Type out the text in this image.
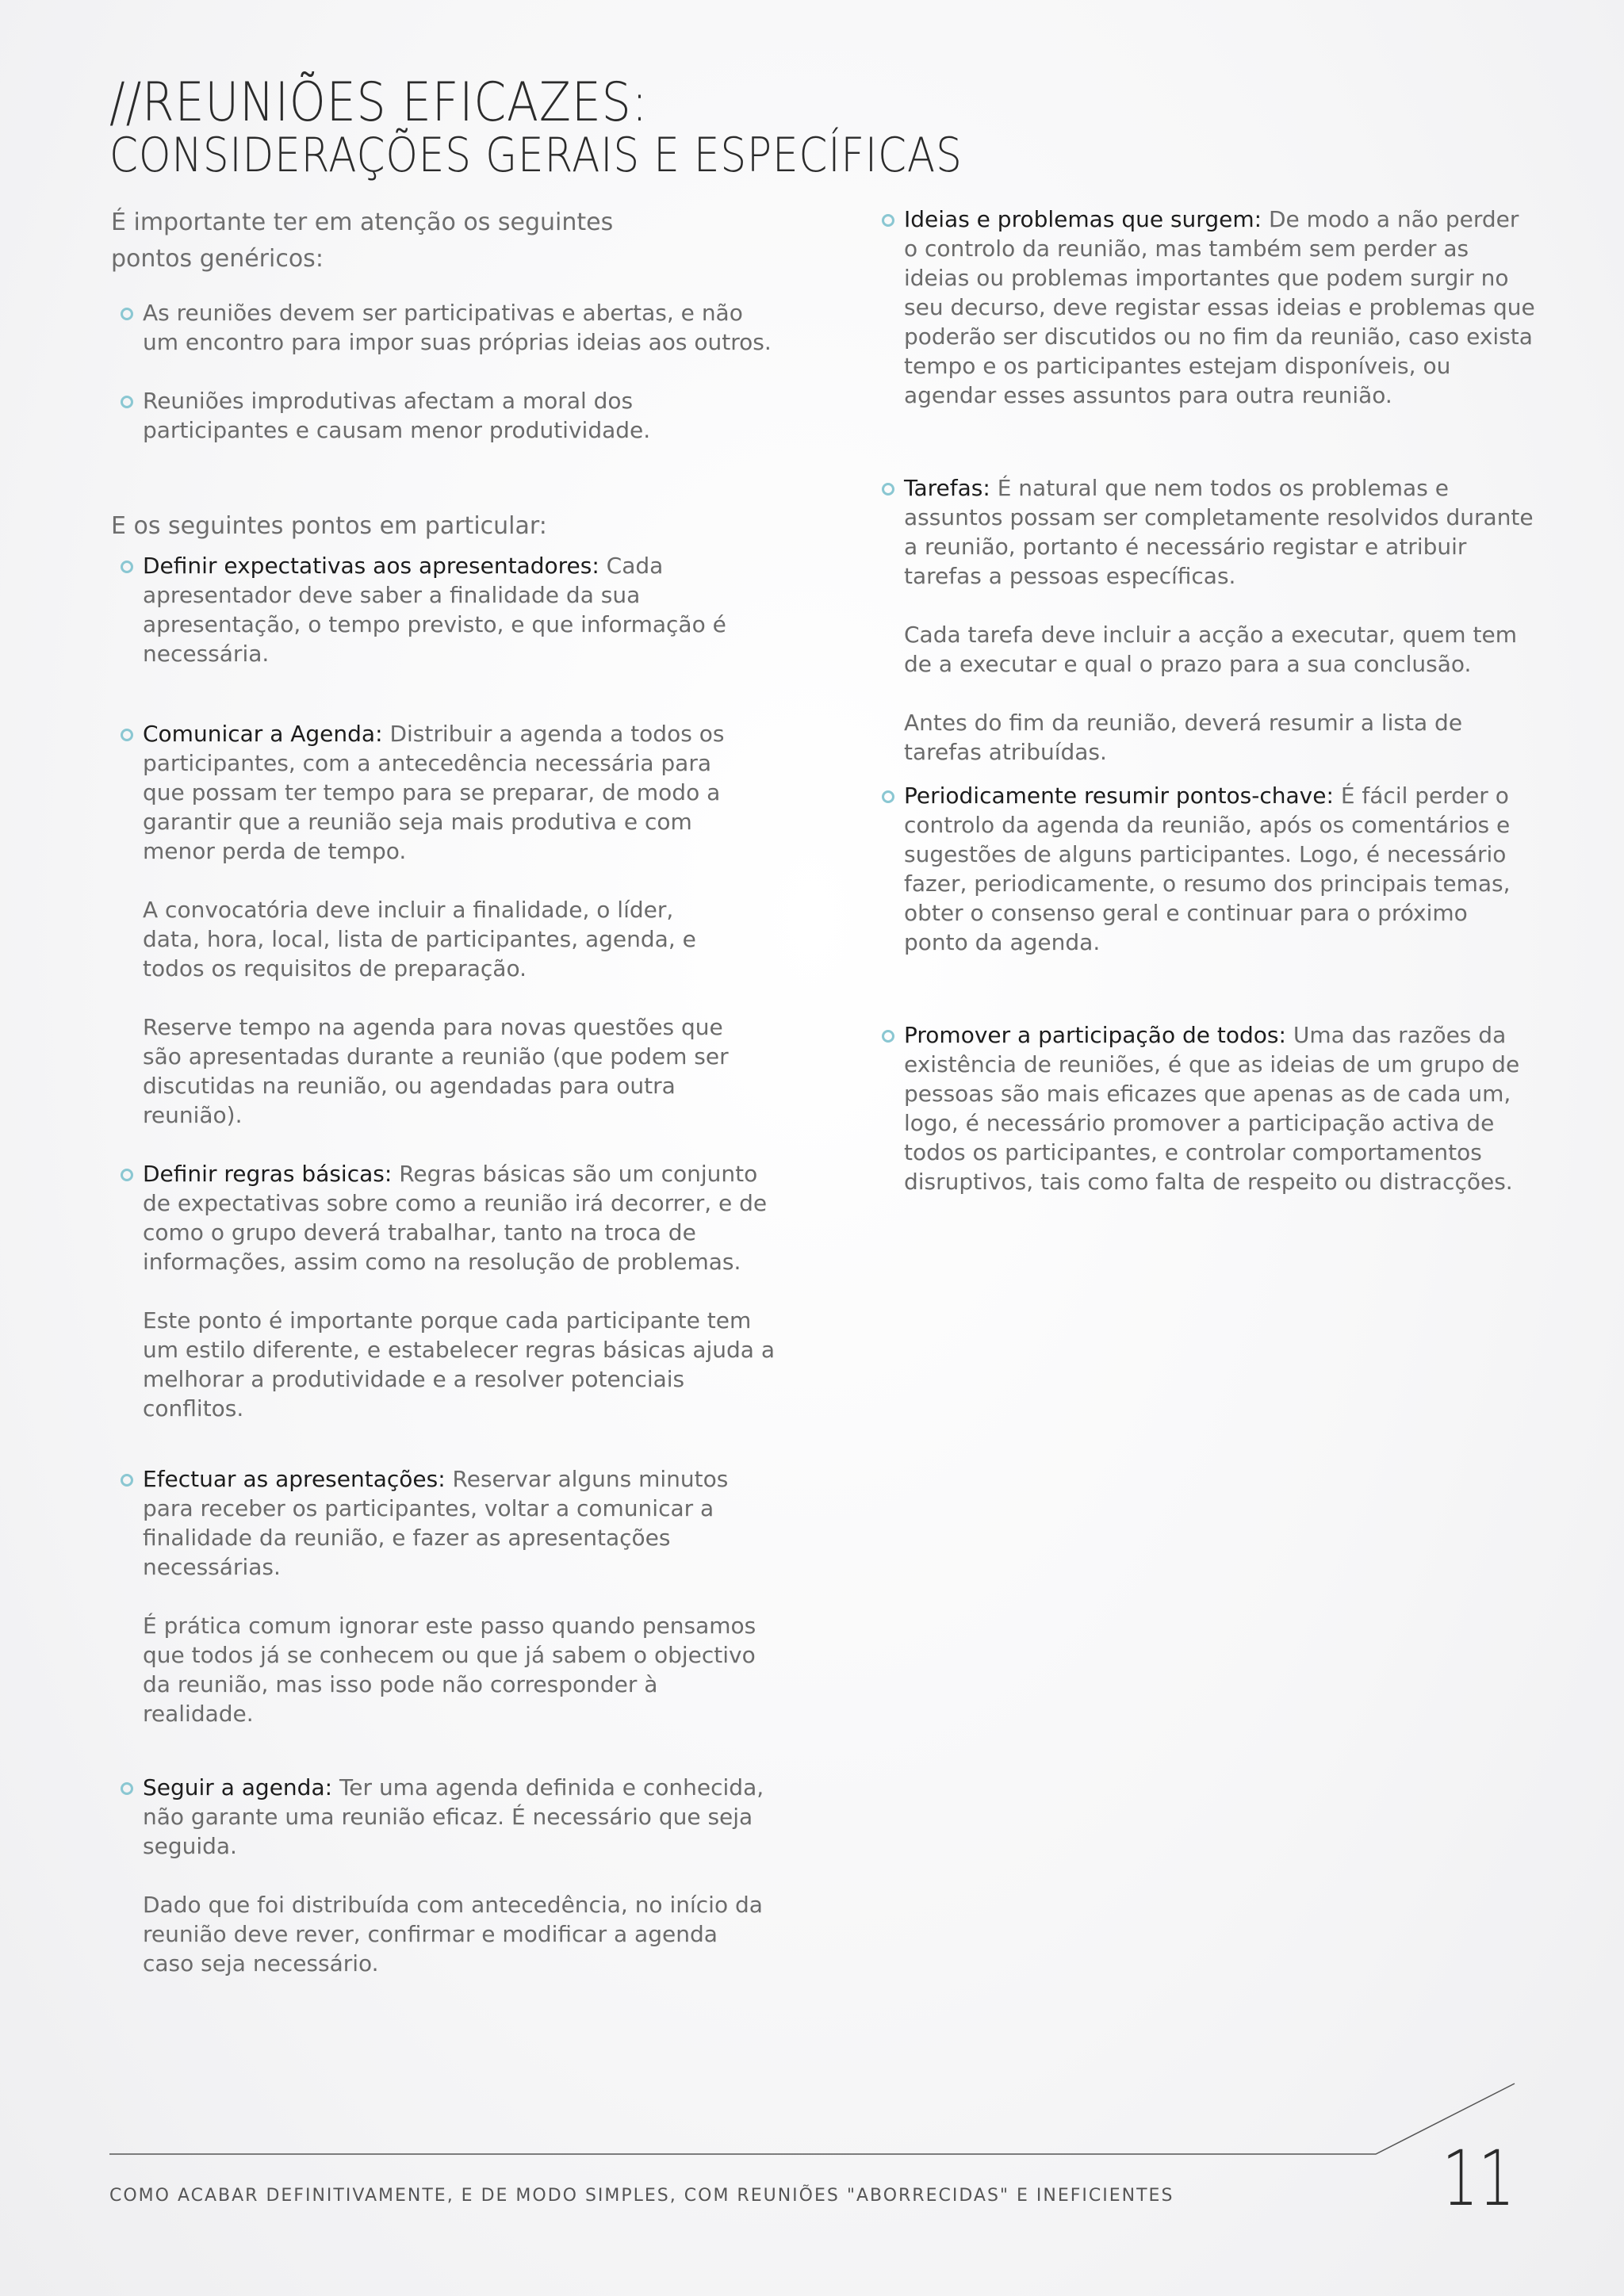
//REUNIÕES EFICAZES:
CONSIDERAÇÕES GERAIS E ESPECÍFICAS

É importante ter em atenção os seguintes pontos genéricos:

As reuniões devem ser participativas e abertas, e não um encontro para impor suas próprias ideias aos outros.

Reuniões improdutivas afectam a moral dos participantes e causam menor produtividade.

E os seguintes pontos em particular:

Definir expectativas aos apresentadores: Cada apresentador deve saber a finalidade da sua apresentação, o tempo previsto, e que informação é necessária.

Comunicar a Agenda: Distribuir a agenda a todos os participantes, com a antecedência necessária para que possam ter tempo para se preparar, de modo a garantir que a reunião seja mais produtiva e com menor perda de tempo.

A convocatória deve incluir a finalidade, o líder, data, hora, local, lista de participantes, agenda, e todos os requisitos de preparação.

Reserve tempo na agenda para novas questões que são apresentadas durante a reunião (que podem ser discutidas na reunião, ou agendadas para outra reunião).

Definir regras básicas: Regras básicas são um conjunto de expectativas sobre como a reunião irá decorrer, e de como o grupo deverá trabalhar, tanto na troca de informações, assim como na resolução de problemas.

Este ponto é importante porque cada participante tem um estilo diferente, e estabelecer regras básicas ajuda a melhorar a produtividade e a resolver potenciais conflitos.

Efectuar as apresentações: Reservar alguns minutos para receber os participantes, voltar a comunicar a finalidade da reunião, e fazer as apresentações necessárias.

É prática comum ignorar este passo quando pensamos que todos já se conhecem ou que já sabem o objectivo da reunião, mas isso pode não corresponder à realidade.

Seguir a agenda: Ter uma agenda definida e conhecida, não garante uma reunião eficaz. É necessário que seja seguida.

Dado que foi distribuída com antecedência, no início da reunião deve rever, confirmar e modificar a agenda caso seja necessário.

Ideias e problemas que surgem: De modo a não perder o controlo da reunião, mas também sem perder as ideias ou problemas importantes que podem surgir no seu decurso, deve registar essas ideias e problemas que poderão ser discutidos ou no fim da reunião, caso exista tempo e os participantes estejam disponíveis, ou agendar esses assuntos para outra reunião.

Tarefas: É natural que nem todos os problemas e assuntos possam ser completamente resolvidos durante a reunião, portanto é necessário registar e atribuir tarefas a pessoas específicas.

Cada tarefa deve incluir a acção a executar, quem tem de a executar e qual o prazo para a sua conclusão.

Antes do fim da reunião, deverá resumir a lista de tarefas atribuídas.

Periodicamente resumir pontos-chave: É fácil perder o controlo da agenda da reunião, após os comentários e sugestões de alguns participantes. Logo, é necessário fazer, periodicamente, o resumo dos principais temas, obter o consenso geral e continuar para o próximo ponto da agenda.

Promover a participação de todos: Uma das razões da existência de reuniões, é que as ideias de um grupo de pessoas são mais eficazes que apenas as de cada um, logo, é necessário promover a participação activa de todos os participantes, e controlar comportamentos disruptivos, tais como falta de respeito ou distracções.

COMO ACABAR DEFINITIVAMENTE, E DE MODO SIMPLES, COM REUNIÕES "ABORRECIDAS" E INEFICIENTES	11
